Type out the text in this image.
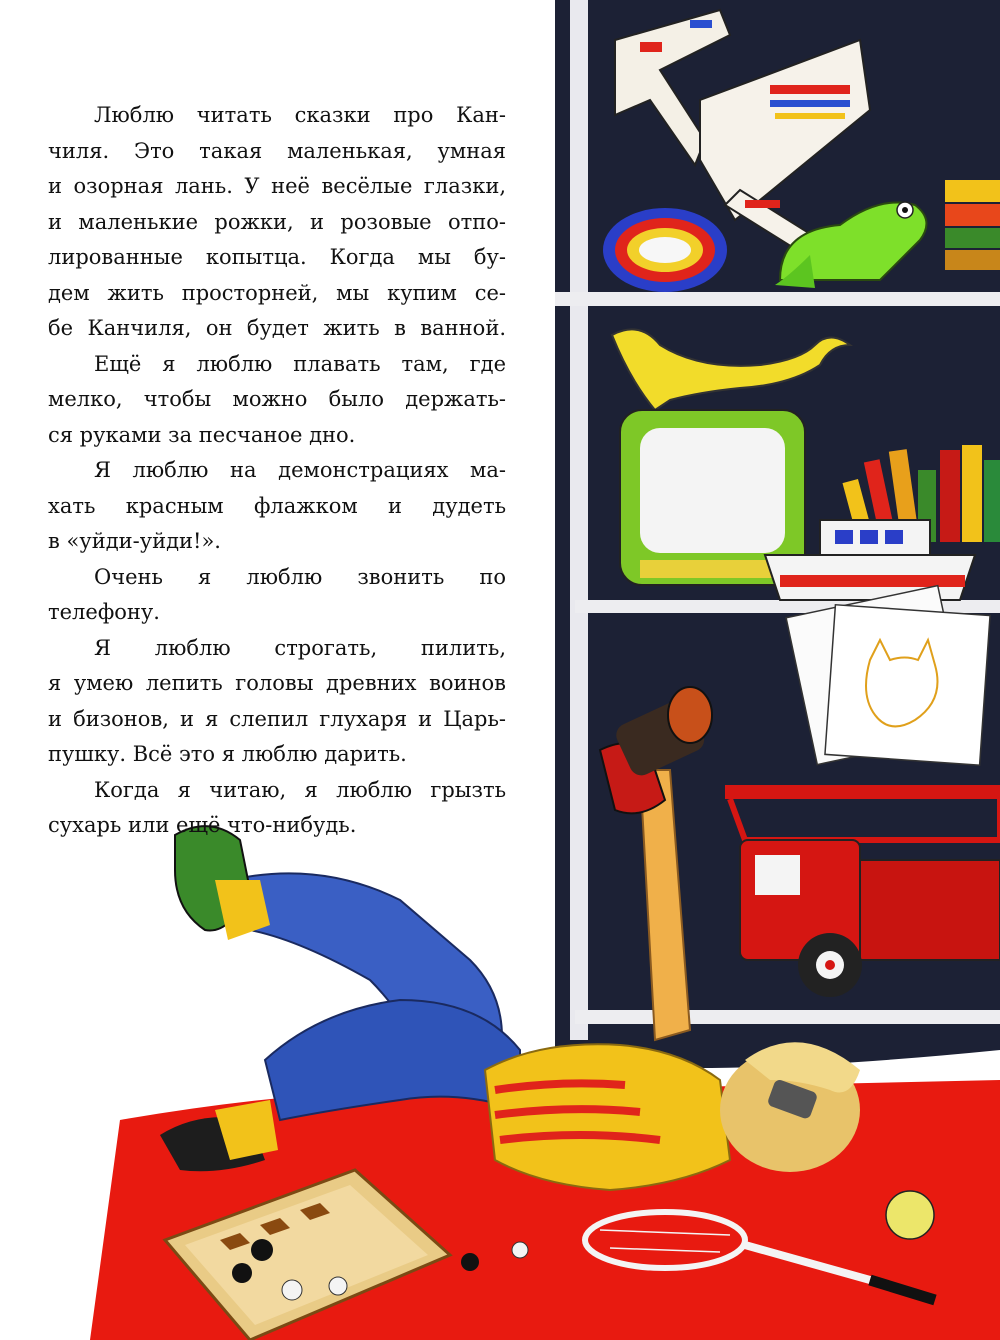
Люблю читать сказки про Кан-
чиля. Это такая маленькая, умная
и озорная лань. У неё весёлые глазки,
и маленькие рожки, и розовые отпо-
лированные копытца. Когда мы бу-
дем жить просторней, мы купим се-
бе Канчиля, он будет жить в ванной.
Ещё я люблю плавать там, где
мелко, чтобы можно было держать-
ся руками за песчаное дно.
Я люблю на демонстрациях ма-
хать красным флажком и дудеть
в «уйди-уйди!».
Очень я люблю звонить по
телефону.
Я люблю строгать, пилить,
я умею лепить головы древних воинов
и бизонов, и я слепил глухаря и Царь-
пушку. Всё это я люблю дарить.
Когда я читаю, я люблю грызть
сухарь или ещё что-нибудь.
